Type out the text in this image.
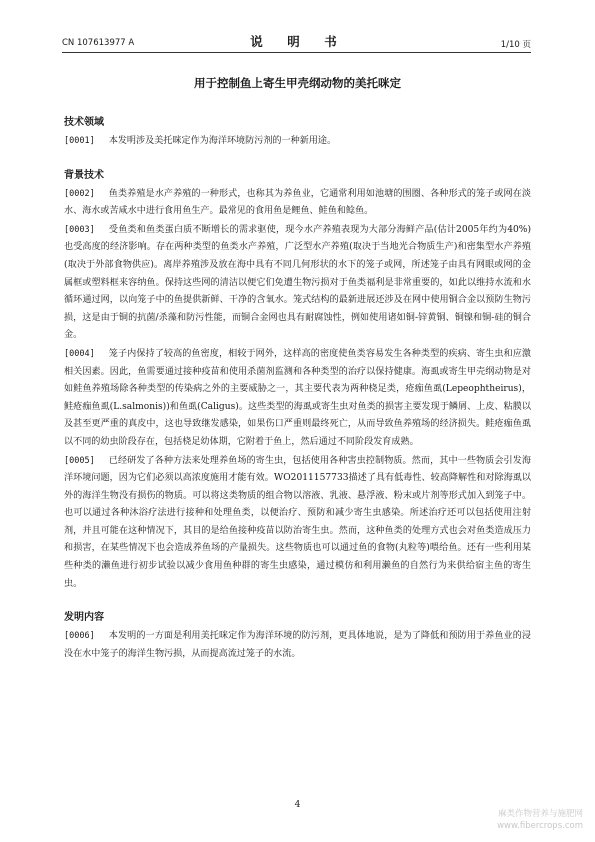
CN 107613977 A	说　明　书	1/10 页
用于控制鱼上寄生甲壳纲动物的美托咪定
技术领域

[0001] 本发明涉及美托咪定作为海洋环境防污剂的一种新用途。

背景技术

[0002] 鱼类养殖是水产养殖的一种形式，也称其为养鱼业，它通常利用如池塘的围圈、各种形式的笼子或网在淡水、海水或苦咸水中进行食用鱼生产。最常见的食用鱼是鲤鱼、鲑鱼和鲶鱼。

[0003] 受鱼类和鱼类蛋白质不断增长的需求驱使，现今水产养殖表现为大部分海鲜产品(估计2005年约为40%)也受高度的经济影响。存在两种类型的鱼类水产养殖，广泛型水产养殖(取决于当地光合物质生产)和密集型水产养殖(取决于外部食物供应)。离岸养殖涉及放在海中具有不同几何形状的水下的笼子或网，所述笼子由具有网眼或网的金属框或塑料框来容纳鱼。保持这些网的清洁以便它们免遭生物污损对于鱼类福利是非常重要的，如此以维持水流和水循环通过网，以向笼子中的鱼提供新鲜、干净的含氧水。笼式结构的最新进展还涉及在网中使用铜合金以预防生物污损，这是由于铜的抗菌/杀藻和防污性能，而铜合金网也具有耐腐蚀性，例如使用诸如铜-锌黄铜、铜镍和铜-硅的铜合金。

[0004] 笼子内保持了较高的鱼密度，相较于网外，这样高的密度使鱼类容易发生各种类型的疾病、寄生虫和应激相关因素。因此，鱼需要通过接种疫苗和使用杀菌剂监测和各种类型的治疗以保持健康。海虱或寄生甲壳纲动物是对如鲑鱼养殖场除各种类型的传染病之外的主要威胁之一，其主要代表为两种桡足类，疮痂鱼虱(Lepeophtheirus)，鲑疮痂鱼虱(L.salmonis))和鱼虱(Caligus)。这些类型的海虱或寄生虫对鱼类的损害主要发现于鳞屑、上皮、粘膜以及甚至更严重的真皮中，这也导致继发感染，如果伤口严重则最终死亡，从而导致鱼养殖场的经济损失。鲑疮痂鱼虱以不同的幼虫阶段存在，包括桡足幼体期，它附着于鱼上，然后通过不同阶段发育成熟。

[0005] 已经研发了各种方法来处理养鱼场的寄生虫，包括使用各种害虫控制物质。然而，其中一些物质会引发海洋环境问题，因为它们必须以高浓度施用才能有效。WO2011157733描述了具有低毒性、较高降解性和对除海虱以外的海洋生物没有损伤的物质。可以将这类物质的组合物以溶液、乳液、悬浮液、粉末或片剂等形式加入到笼子中。也可以通过各种沐浴疗法进行接种和处理鱼类，以便治疗、预防和减少寄生虫感染。所述治疗还可以包括使用注射剂，并且可能在这种情况下，其目的是给鱼接种疫苗以防治寄生虫。然而，这种鱼类的处理方式也会对鱼类造成压力和损害，在某些情况下也会造成养鱼场的产量损失。这些物质也可以通过鱼的食物(丸粒等)喂给鱼。还有一些利用某些种类的濑鱼进行初步试验以减少食用鱼种群的寄生虫感染，通过模仿和利用濑鱼的自然行为来供给宿主鱼的寄生虫。

发明内容

[0006] 本发明的一方面是利用美托咪定作为海洋环境的防污剂，更具体地说，是为了降低和预防用于养鱼业的浸没在水中笼子的海洋生物污损，从而提高流过笼子的水流。

4
麻类作物营养与施肥网
www.fibercrops.com
